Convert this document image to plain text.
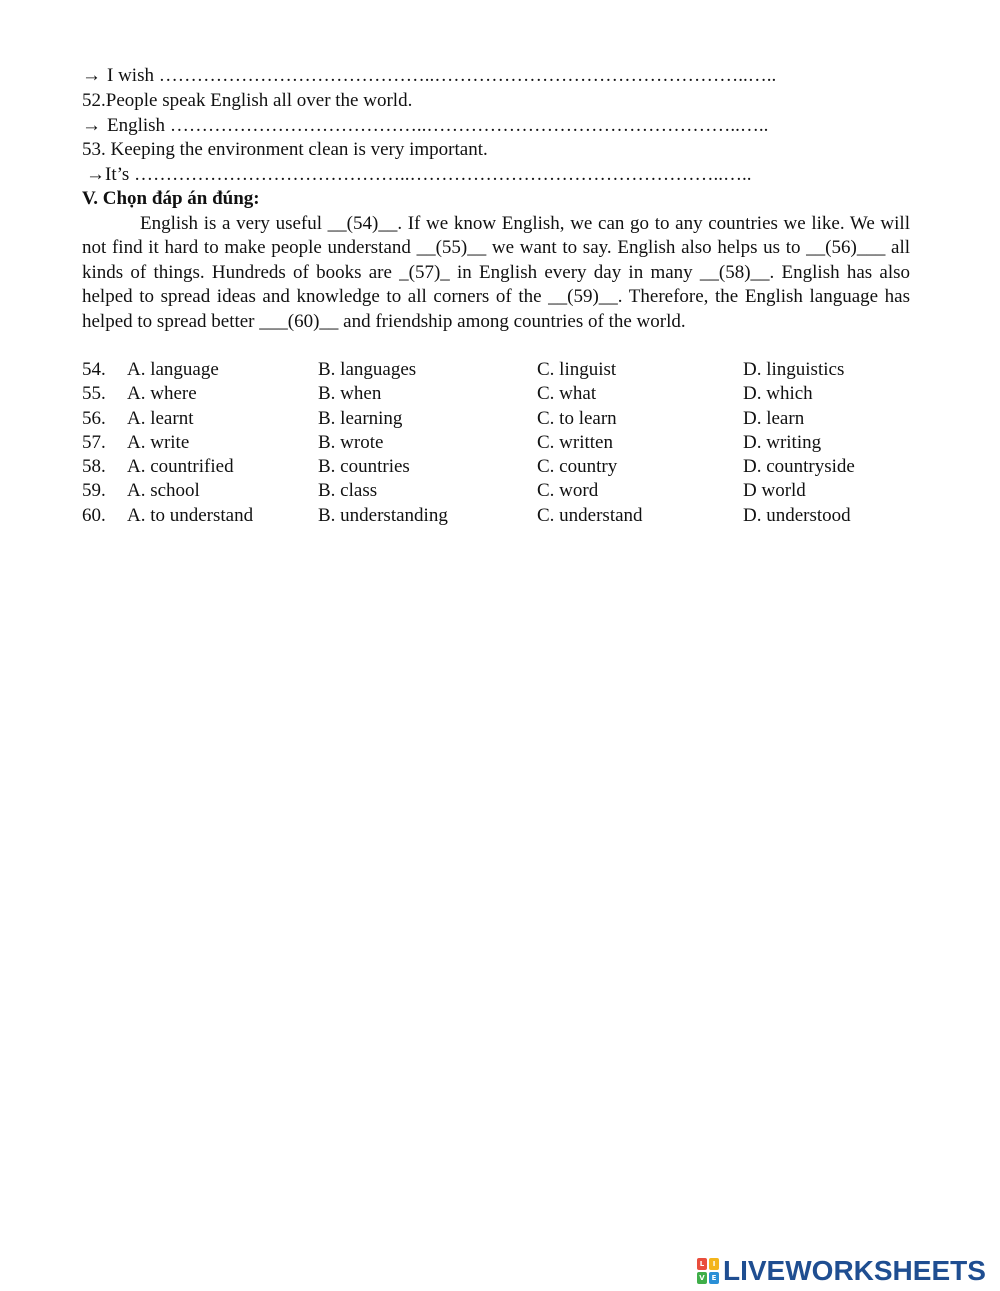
→ I wish ……………………………………..…………………………………………..…..
52.People speak English all over the world.
→ English …………………………………..…………………………………………..…..
53. Keeping the environment clean is very important.
→It’s ……………………………………..…………………………………………..…..
V. Chọn đáp án đúng:
English is a very useful __(54)__. If we know English, we can go to any countries we like. We will not find it hard to make people understand __(55)__ we want to say. English also helps us to __(56)___ all kinds of things. Hundreds of books are _(57)_ in English every day in many __(58)__. English has also helped to spread ideas and knowledge to all corners of the __(59)__. Therefore, the English language has helped to spread better ___(60)__ and friendship among countries of the world.
54. A. language	B. languages	C. linguist	D. linguistics
55. A. where	B. when	C. what	D. which
56. A. learnt	B. learning	C. to learn	D. learn
57. A. write	B. wrote	C. written	D. writing
58. A. countrified	B. countries	C. country	D. countryside
59. A. school	B. class	C. word	D world
60. A. to understand	B. understanding	C. understand	D. understood
L	I
V E LIVEWORKSHEETS
